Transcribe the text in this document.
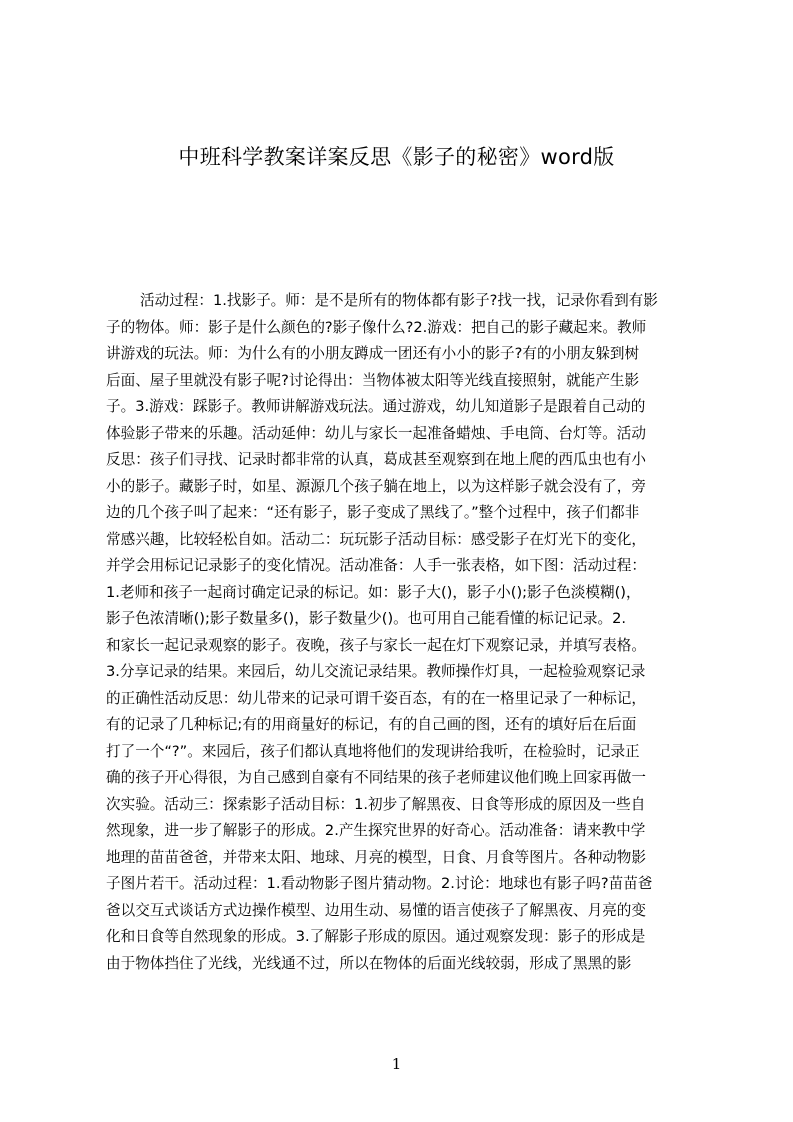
中班科学教案详案反思《影子的秘密》word版
活动过程：1.找影子。师：是不是所有的物体都有影子?找一找，记录你看到有影
子的物体。师：影子是什么颜色的?影子像什么?2.游戏：把自己的影子藏起来。教师
讲游戏的玩法。师：为什么有的小朋友蹲成一团还有小小的影子?有的小朋友躲到树
后面、屋子里就没有影子呢?讨论得出：当物体被太阳等光线直接照射，就能产生影
子。3.游戏：踩影子。教师讲解游戏玩法。通过游戏，幼儿知道影子是跟着自己动的
体验影子带来的乐趣。活动延伸：幼儿与家长一起准备蜡烛、手电筒、台灯等。活动
反思：孩子们寻找、记录时都非常的认真，葛成甚至观察到在地上爬的西瓜虫也有小
小的影子。藏影子时，如星、源源几个孩子躺在地上，以为这样影子就会没有了，旁
边的几个孩子叫了起来：“还有影子，影子变成了黑线了。”整个过程中，孩子们都非
常感兴趣，比较轻松自如。活动二：玩玩影子活动目标：感受影子在灯光下的变化，
并学会用标记记录影子的变化情况。活动准备：人手一张表格，如下图：活动过程：
1.老师和孩子一起商讨确定记录的标记。如：影子大()，影子小();影子色淡模糊()，
影子色浓清晰();影子数量多()，影子数量少()。也可用自己能看懂的标记记录。2.
和家长一起记录观察的影子。夜晚，孩子与家长一起在灯下观察记录，并填写表格。
3.分享记录的结果。来园后，幼儿交流记录结果。教师操作灯具，一起检验观察记录
的正确性活动反思：幼儿带来的记录可谓千姿百态，有的在一格里记录了一种标记，
有的记录了几种标记;有的用商量好的标记，有的自己画的图，还有的填好后在后面
打了一个“?”。来园后，孩子们都认真地将他们的发现讲给我听，在检验时，记录正
确的孩子开心得很，为自己感到自豪有不同结果的孩子老师建议他们晚上回家再做一
次实验。活动三：探索影子活动目标：1.初步了解黑夜、日食等形成的原因及一些自
然现象，进一步了解影子的形成。2.产生探究世界的好奇心。活动准备：请来教中学
地理的苗苗爸爸，并带来太阳、地球、月亮的模型，日食、月食等图片。各种动物影
子图片若干。活动过程：1.看动物影子图片猜动物。2.讨论：地球也有影子吗?苗苗爸
爸以交互式谈话方式边操作模型、边用生动、易懂的语言使孩子了解黑夜、月亮的变
化和日食等自然现象的形成。3.了解影子形成的原因。通过观察发现：影子的形成是
由于物体挡住了光线，光线通不过，所以在物体的后面光线较弱，形成了黑黑的影
1
